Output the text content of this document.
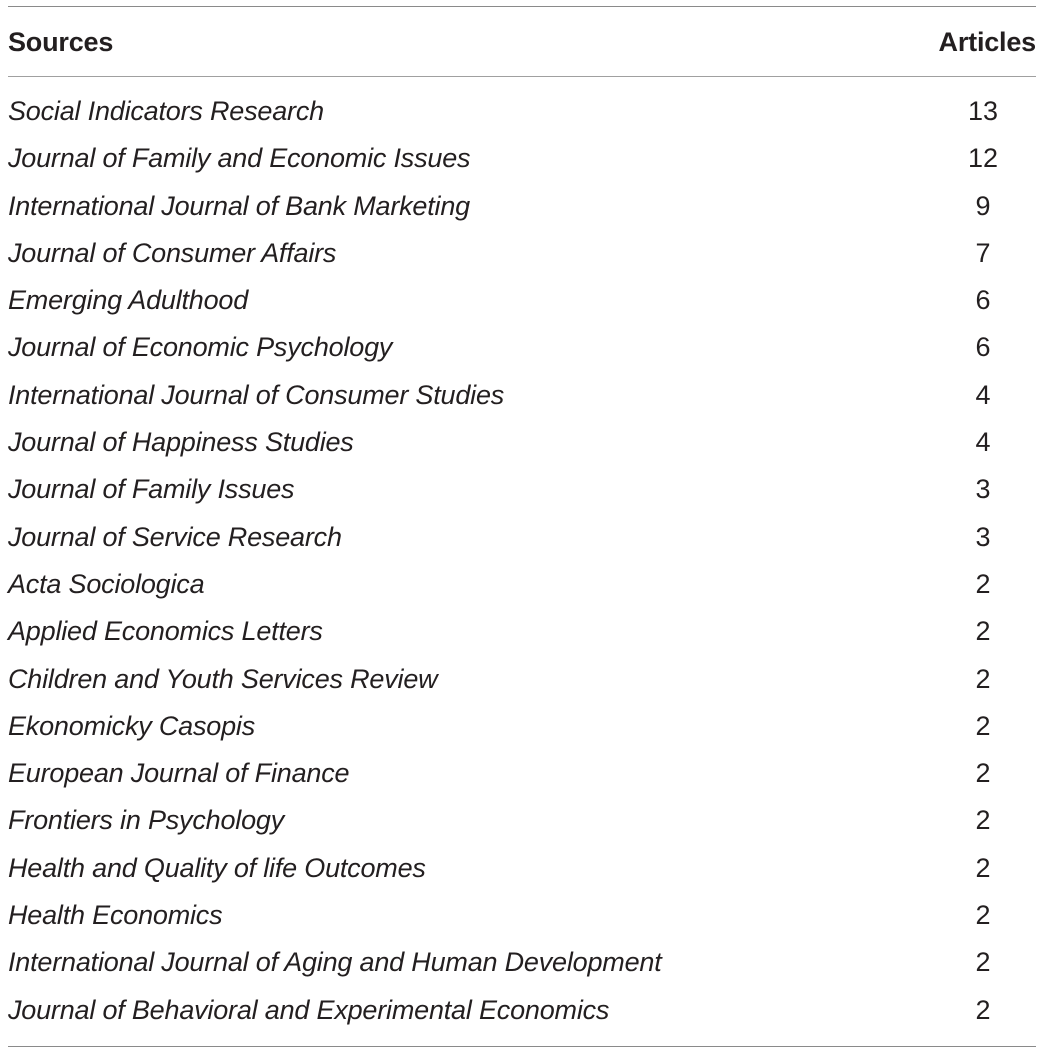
Sources	Articles
Social Indicators Research	13
Journal of Family and Economic Issues	12
International Journal of Bank Marketing	9
Journal of Consumer Affairs	7
Emerging Adulthood	6
Journal of Economic Psychology	6
International Journal of Consumer Studies	4
Journal of Happiness Studies	4
Journal of Family Issues	3
Journal of Service Research	3
Acta Sociologica	2
Applied Economics Letters	2
Children and Youth Services Review	2
Ekonomicky Casopis	2
European Journal of Finance	2
Frontiers in Psychology	2
Health and Quality of life Outcomes	2
Health Economics	2
International Journal of Aging and Human Development	2
Journal of Behavioral and Experimental Economics	2
